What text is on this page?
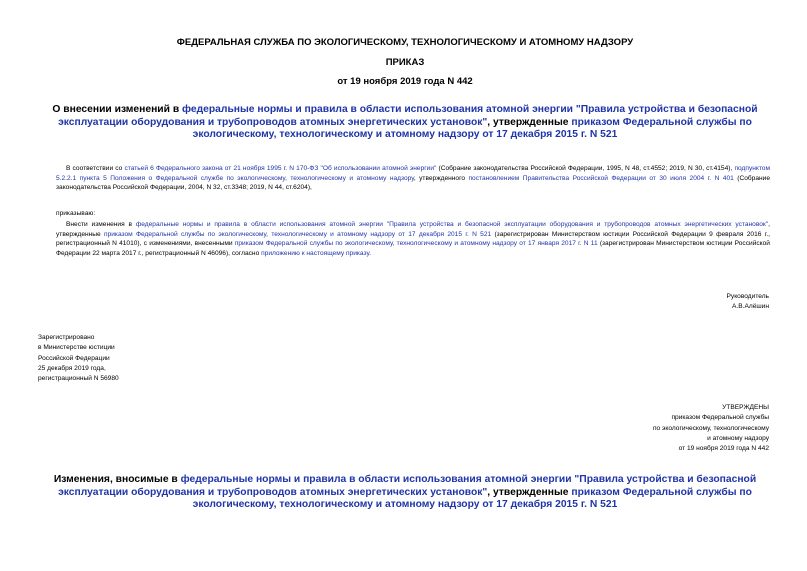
ФЕДЕРАЛЬНАЯ СЛУЖБА ПО ЭКОЛОГИЧЕСКОМУ, ТЕХНОЛОГИЧЕСКОМУ И АТОМНОМУ НАДЗОРУ
ПРИКАЗ
от 19 ноября 2019 года N 442
О внесении изменений в федеральные нормы и правила в области использования атомной энергии "Правила устройства и безопасной эксплуатации оборудования и трубопроводов атомных энергетических установок", утвержденные приказом Федеральной службы по экологическому, технологическому и атомному надзору от 17 декабря 2015 г. N 521
В соответствии со статьей 6 Федерального закона от 21 ноября 1995 г. N 170-ФЗ "Об использовании атомной энергии" (Собрание законодательства Российской Федерации, 1995, N 48, ст.4552; 2019, N 30, ст.4154), подпунктом 5.2.2.1 пункта 5 Положения о Федеральной службе по экологическому, технологическому и атомному надзору, утвержденного постановлением Правительства Российской Федерации от 30 июля 2004 г. N 401 (Собрание законодательства Российской Федерации, 2004, N 32, ст.3348; 2019, N 44, ст.6204),
приказываю:
Внести изменения в федеральные нормы и правила в области использования атомной энергии "Правила устройства и безопасной эксплуатации оборудования и трубопроводов атомных энергетических установок", утвержденные приказом Федеральной службы по экологическому, технологическому и атомному надзору от 17 декабря 2015 г. N 521 (зарегистрирован Министерством юстиции Российской Федерации 9 февраля 2016 г., регистрационный N 41010), с изменениями, внесенными приказом Федеральной службы по экологическому, технологическому и атомному надзору от 17 января 2017 г. N 11 (зарегистрирован Министерством юстиции Российской Федерации 22 марта 2017 г., регистрационный N 46096), согласно приложению к настоящему приказу.
Руководитель
А.В.Алёшин
Зарегистрировано
в Министерстве юстиции
Российской Федерации
25 декабря 2019 года,
регистрационный N 56980
УТВЕРЖДЕНЫ
приказом Федеральной службы
по экологическому, технологическому
и атомному надзору
от 19 ноября 2019 года N 442
Изменения, вносимые в федеральные нормы и правила в области использования атомной энергии "Правила устройства и безопасной эксплуатации оборудования и трубопроводов атомных энергетических установок", утвержденные приказом Федеральной службы по экологическому, технологическому и атомному надзору от 17 декабря 2015 г. N 521
